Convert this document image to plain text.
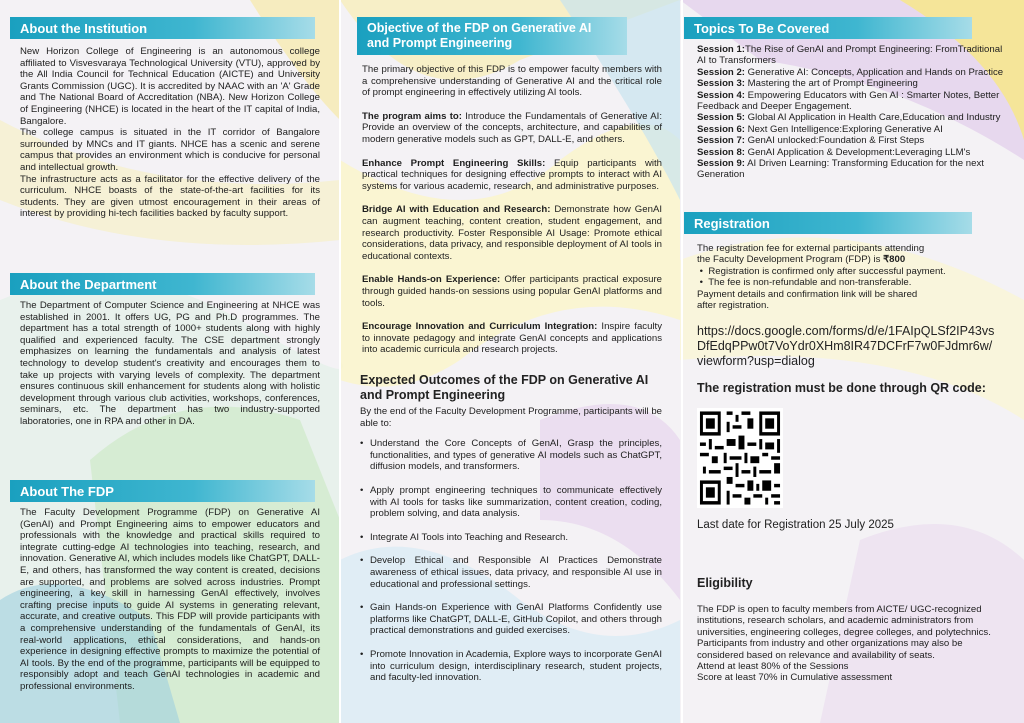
About the Institution

New Horizon College of Engineering is an autonomous college affiliated to Visvesvaraya Technological University (VTU), approved by the All India Council for Technical Education (AICTE) and University Grants Commission (UGC). It is accredited by NAAC with an 'A' Grade and The National Board of Accreditation (NBA). New Horizon College of Engineering (NHCE) is located in the heart of the IT capital of India, Bangalore.

The college campus is situated in the IT corridor of Bangalore surrounded by MNCs and IT giants. NHCE has a scenic and serene campus that provides an environment which is conducive for personal and intellectual growth.

The infrastructure acts as a facilitator for the effective delivery of the curriculum. NHCE boasts of the state-of-the-art facilities for its students. They are given utmost encouragement in their areas of interest by providing hi-tech facilities backed by faculty support.

About the Department
The Department of Computer Science and Engineering at NHCE was established in 2001. It offers UG, PG and Ph.D programmes. The department has a total strength of 1000+ students along with highly qualified and experienced faculty. The CSE department strongly emphasizes on learning the fundamentals and analysis of latest technology to develop student's creativity and encourages them to take up projects with varying levels of complexity. The department ensures continuous skill enhancement for students along with holistic development through various club activities, workshops, conferences, seminars, etc. The department has two industry-supported laboratories, one in RPA and other in DA.
About The FDP
The Faculty Development Programme (FDP) on Generative AI (GenAI) and Prompt Engineering aims to empower educators and professionals with the knowledge and practical skills required to integrate cutting-edge AI technologies into teaching, research, and innovation. Generative AI, which includes models like ChatGPT, DALL-E, and others, has transformed the way content is created, decisions are supported, and problems are solved across industries. Prompt engineering, a key skill in harnessing GenAI effectively, involves crafting precise inputs to guide AI systems in generating relevant, accurate, and creative outputs. This FDP will provide participants with a comprehensive understanding of the fundamentals of GenAI, its real-world applications, ethical considerations, and hands-on experience in designing effective prompts to maximize the potential of AI tools. By the end of the programme, participants will be equipped to responsibly adopt and teach GenAI technologies in academic and professional environments.
Objective of the FDP on Generative AI and Prompt Engineering

The primary objective of this FDP is to empower faculty members with a comprehensive understanding of Generative AI and the critical role of prompt engineering in effectively utilizing AI tools.

The program aims to: Introduce the Fundamentals of Generative AI: Provide an overview of the concepts, architecture, and capabilities of modern generative models such as GPT, DALL-E, and others.

Enhance Prompt Engineering Skills: Equip participants with practical techniques for designing effective prompts to interact with AI systems for various academic, research, and administrative purposes.

Bridge AI with Education and Research: Demonstrate how GenAI can augment teaching, content creation, student engagement, and research productivity. Foster Responsible AI Usage: Promote ethical considerations, data privacy, and responsible deployment of AI tools in educational contexts.

Enable Hands-on Experience: Offer participants practical exposure through guided hands-on sessions using popular GenAI platforms and tools.

Encourage Innovation and Curriculum Integration: Inspire faculty to innovate pedagogy and integrate GenAI concepts and applications into academic curricula and research projects.

Expected Outcomes of the FDP on Generative AI and Prompt Engineering

By the end of the Faculty Development Programme, participants will be able to:

• Understand the Core Concepts of GenAI, Grasp the principles, functionalities, and types of generative AI models such as ChatGPT, diffusion models, and transformers.
• Apply prompt engineering techniques to communicate effectively with AI tools for tasks like summarization, content creation, coding, problem solving, and data analysis.
• Integrate AI Tools into Teaching and Research.
• Develop Ethical and Responsible AI Practices Demonstrate awareness of ethical issues, data privacy, and responsible AI use in educational and professional settings.
• Gain Hands-on Experience with GenAI Platforms Confidently use platforms like ChatGPT, DALL-E, GitHub Copilot, and others through practical demonstrations and guided exercises.
• Promote Innovation in Academia, Explore ways to incorporate GenAI into curriculum design, interdisciplinary research, student projects, and faculty-led innovation.
Topics To Be Covered
Session 1:The Rise of GenAI and Prompt Engineering: FromTraditional AI to Transformers
Session 2: Generative AI: Concepts, Application and Hands on Practice
Session 3: Mastering the art of Prompt Engineering
Session 4: Empowering Educators with Gen AI : Smarter Notes, Better Feedback and Deeper Engagement.
Session 5: Global AI Application in Health Care,Education and Industry
Session 6: Next Gen Intelligence:Exploring Generative AI
Session 7: GenAI unlocked:Foundation & First Steps
Session 8: GenAI Application & Development:Leveraging LLM's
Session 9: AI Driven Learning: Transforming Education for the next Generation
Registration
The registration fee for external participants attending
the Faculty Development Program (FDP) is ₹800
•  Registration is confirmed only after successful payment.
•  The fee is non-refundable and non-transferable.
Payment details and confirmation link will be shared
after registration.
https://docs.google.com/forms/d/e/1FAIpQLSf2IP43vsDfEdqPPw0t7VoYdr0XHm8IR47DCFrF7w0FJdmr6w/viewform?usp=dialog
The registration must be done through QR code:
Last date for Registration 25 July 2025
Eligibility
The FDP is open to faculty members from AICTE/ UGC-recognized institutions, research scholars, and academic administrators from universities, engineering colleges, degree colleges, and polytechnics. Participants from industry and other organizations may also be considered based on relevance and availability of seats.
Attend at least 80% of the Sessions
Score at least 70% in Cumulative assessment
